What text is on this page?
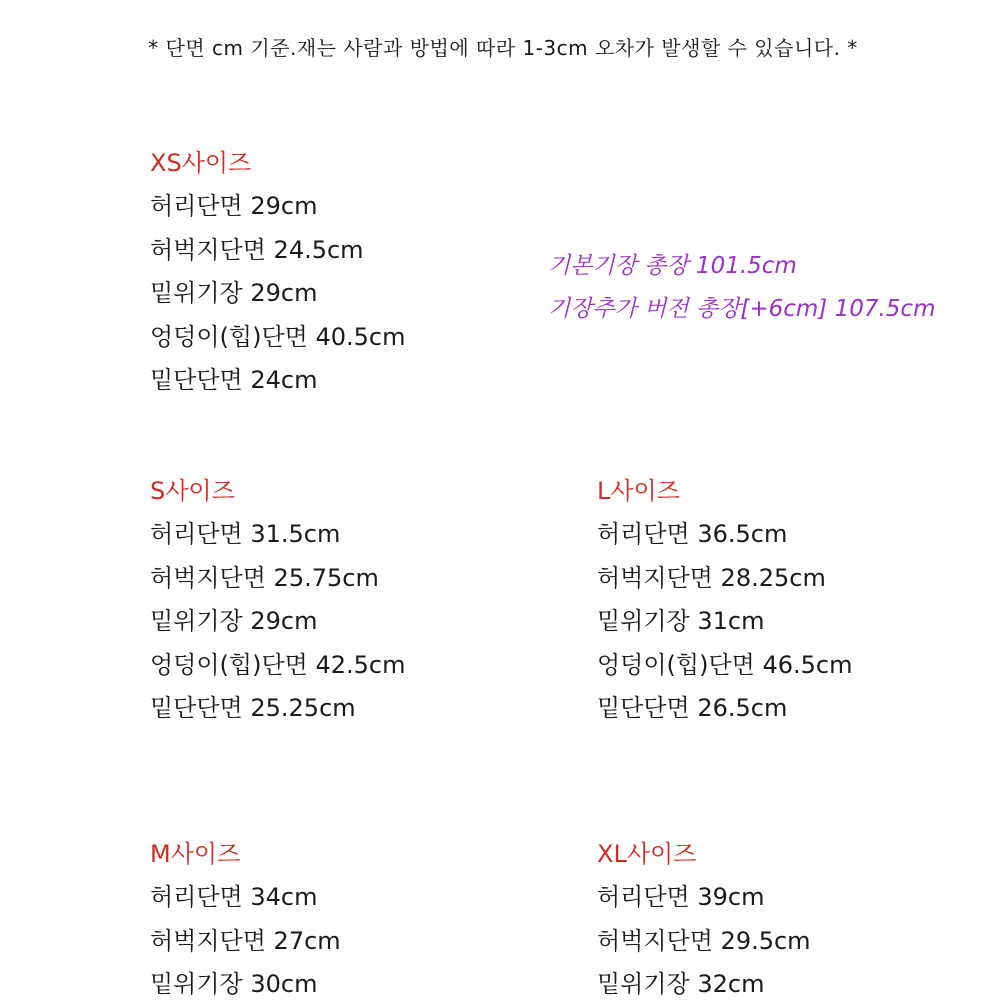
* 단면 cm 기준.재는 사람과 방법에 따라 1-3cm 오차가 발생할 수 있습니다. *
XS사이즈
허리단면 29cm
허벅지단면 24.5cm
밑위기장 29cm
엉덩이(힙)단면 40.5cm
밑단단면 24cm
기본기장 총장 101.5cm
기장추가 버전 총장[+6cm] 107.5cm
S사이즈
허리단면 31.5cm
허벅지단면 25.75cm
밑위기장 29cm
엉덩이(힙)단면 42.5cm
밑단단면 25.25cm
L사이즈
허리단면 36.5cm
허벅지단면 28.25cm
밑위기장 31cm
엉덩이(힙)단면 46.5cm
밑단단면 26.5cm
M사이즈
허리단면 34cm
허벅지단면 27cm
밑위기장 30cm
XL사이즈
허리단면 39cm
허벅지단면 29.5cm
밑위기장 32cm
